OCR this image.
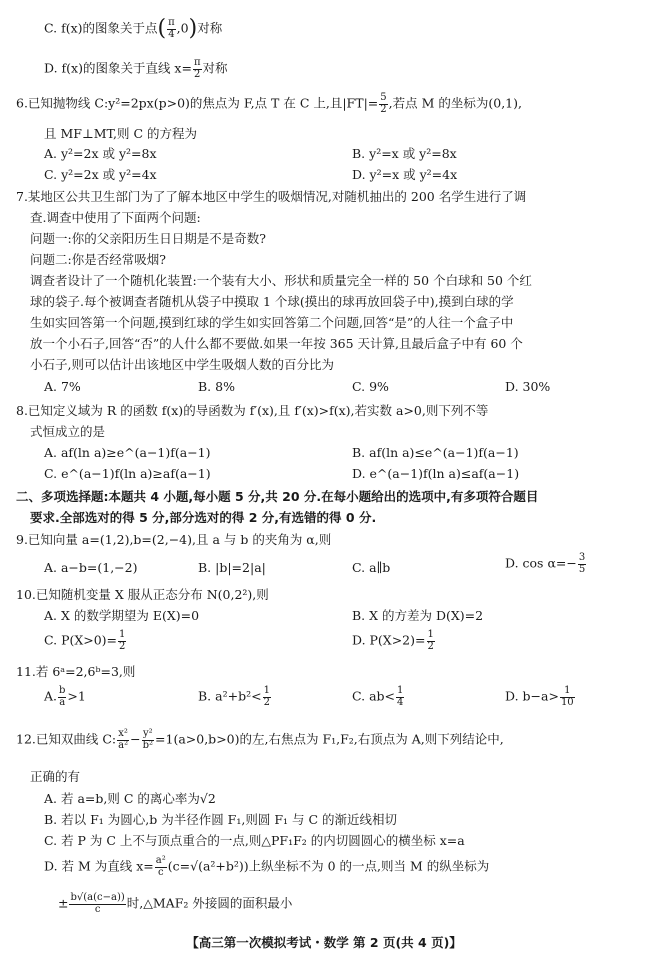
C. f(x)的图象关于点( $\frac{\pi}{4} ,0$)对称
D. f(x)的图象关于直线 $x= \frac{\pi}{2}$ 对称
6.已知抛物线 C:y²=2px(p>0)的焦点为 F,点 T 在 C 上,且$|FT|= \frac{5}{2}$ ,若点 M 的坐标为(0,1),
且 MF⊥MT,则 C 的方程为
A. y²=2x 或 y²=8x	B. y²=x 或 y²=8x
C. y²=2x 或 y²=4x	D. y²=x 或 y²=4x
7.某地区公共卫生部门为了了解本地区中学生的吸烟情况,对随机抽出的 200 名学生进行了调
查.调查中使用了下面两个问题:
问题一:你的父亲阳历生日日期是不是奇数?
问题二:你是否经常吸烟?
调查者设计了一个随机化装置:一个装有大小、形状和质量完全一样的 50 个白球和 50 个红
球的袋子.每个被调查者随机从袋子中摸取 1 个球(摸出的球再放回袋子中),摸到白球的学
生如实回答第一个问题,摸到红球的学生如实回答第二个问题,回答“是”的人往一个盒子中
放一个小石子,回答“否”的人什么都不要做.如果一年按 365 天计算,且最后盒子中有 60 个
小石子,则可以估计出该地区中学生吸烟人数的百分比为
A. 7%	B. 8%	C. 9%	D. 30%
8.已知定义域为 R 的函数 f(x)的导函数为 f′(x),且 f′(x)>f(x),若实数 a>0,则下列不等
式恒成立的是
A. af(ln a)≥e^(a−1)f(a−1)	B. af(ln a)≤e^(a−1)f(a−1)
C. e^(a−1)f(ln a)≥af(a−1)	D. e^(a−1)f(ln a)≤af(a−1)
二、多项选择题:本题共 4 小题,每小题 5 分,共 20 分.在每小题给出的选项中,有多项符合题目
要求.全部选对的得 5 分,部分选对的得 2 分,有选错的得 0 分.
9.已知向量 a=(1,2),b=(2,−4),且 a 与 b 的夹角为 α,则
A. a−b=(1,−2)	B. |b|=2|a|	C. a∥b	D. $\cos \alpha=- \frac{3}{5}$
10.已知随机变量 X 服从正态分布 N(0,2²),则
A. X 的数学期望为 E(X)=0	B. X 的方差为 D(X)=2
C. $P(X>0)= \frac{1}{2}$	D. $P(X>2)= \frac{1}{2}$
11.若 6ᵃ=2,6ᵇ=3,则
A. $\frac{b}{a} >1$	B. $a^2+b^2< \frac{1}{2}$	C. $ab< \frac{1}{4}$	D. $b-a> \frac{1}{10}$
12.已知双曲线 C: $\frac{\text{x²}}{\text{a²}} - \frac{\text{y²}}{\text{b²}} =1(a>0,b>0)$的左,右焦点为 F₁,F₂,右顶点为 A,则下列结论中,
正确的有
A. 若 a=b,则 C 的离心率为√2
B. 若以 F₁ 为圆心,b 为半径作圆 F₁,则圆 F₁ 与 C 的渐近线相切
C. 若 P 为 C 上不与顶点重合的一点,则△PF₁F₂ 的内切圆圆心的横坐标 x=a
D. 若 M 为直线 $x= \frac{\text{a²}}{c} (c=√(a^2+b^2))$上纵坐标不为 0 的一点,则当 M 的纵坐标为
± $\frac{b√(a(c-a))}{c}$ 时,△MAF₂ 外接圆的面积最小
【高三第一次模拟考试・数学 第 2 页(共 4 页)】
